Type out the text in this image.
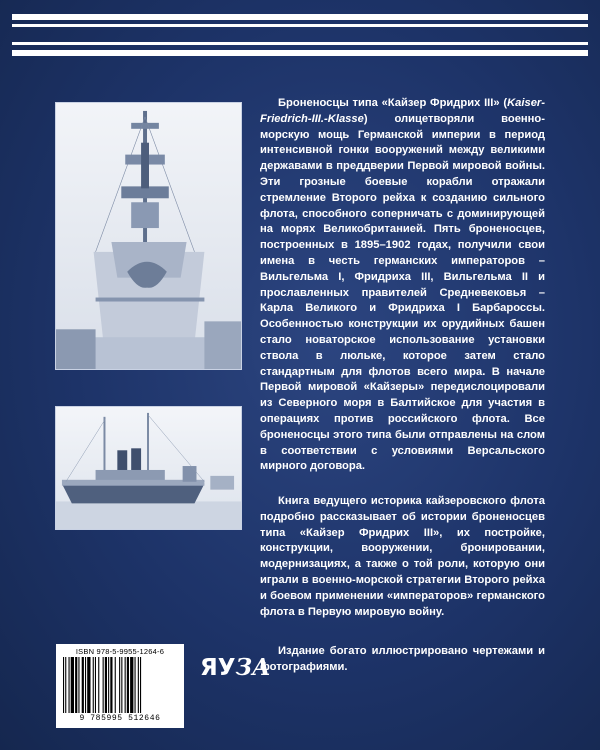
Броненосцы типа «Кайзер Фридрих III» (Kaiser-Friedrich-III.-Klasse) олицетворяли военно-морскую мощь Германской империи в период интенсивной гонки вооружений между великими державами в преддверии Первой мировой войны. Эти грозные боевые корабли отражали стремление Второго рейха к созданию сильного флота, способного соперничать с доминирующей на морях Великобританией. Пять броненосцев, построенных в 1895–1902 годах, получили свои имена в честь германских императоров – Вильгельма I, Фридриха III, Вильгельма II и прославленных правителей Средневековья – Карла Великого и Фридриха I Барбароссы. Особенностью конструкции их орудийных башен стало новаторское использование установки ствола в люльке, которое затем стало стандартным для флотов всего мира. В начале Первой мировой «Кайзеры» передислоцировали из Северного моря в Балтийское для участия в операциях против российского флота. Все броненосцы этого типа были отправлены на слом в соответствии с условиями Версальского мирного договора.

Книга ведущего историка кайзеровского флота подробно рассказывает об истории броненосцев типа «Кайзер Фридрих III», их постройке, конструкции, вооружении, бронировании, модернизациях, а также о той роли, которую они играли в военно-морской стратегии Второго рейха и боевом применении «императоров» германского флота в Первую мировую войну.

Издание богато иллюстрировано чертежами и фотографиями.

ISBN 978-5-9955-1264-6
9 785995 512646
ЯУЗА
